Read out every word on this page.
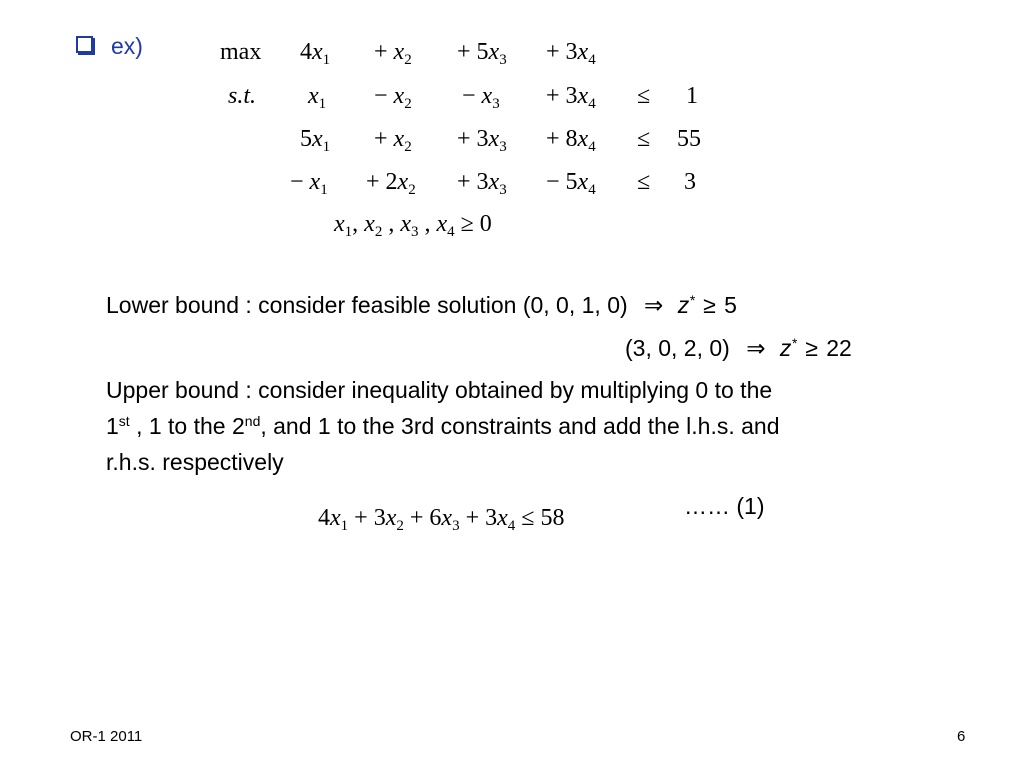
ex)	$\max 4x_1 + x_2 + 5x_3 + 3x_4$
s.t. $x_1 - x_2 - x_3 + 3x_4 \le 1$
$5x_1 + x_2 + 3x_3 + 8x_4 \le 55$
− $x_1 + 2x_2 + 3x_3 - 5x_4 \le 3$
$x_1$, $x_2$ , $x_3$ , $x_4 \ge 0$
Lower bound : consider feasible solution (0, 0, 1, 0) ⇒ z* ≥ 5
(3, 0, 2, 0) ⇒ z* ≥ 22
Upper bound : consider inequality obtained by multiplying 0 to the
1st , 1 to the 2nd, and 1 to the 3rd constraints and add the l.h.s. and
r.h.s. respectively
$4x_1 + 3x_2 + 6x_3 + 3x_4 \le 58$	…… (1)
OR-1 2011	6
